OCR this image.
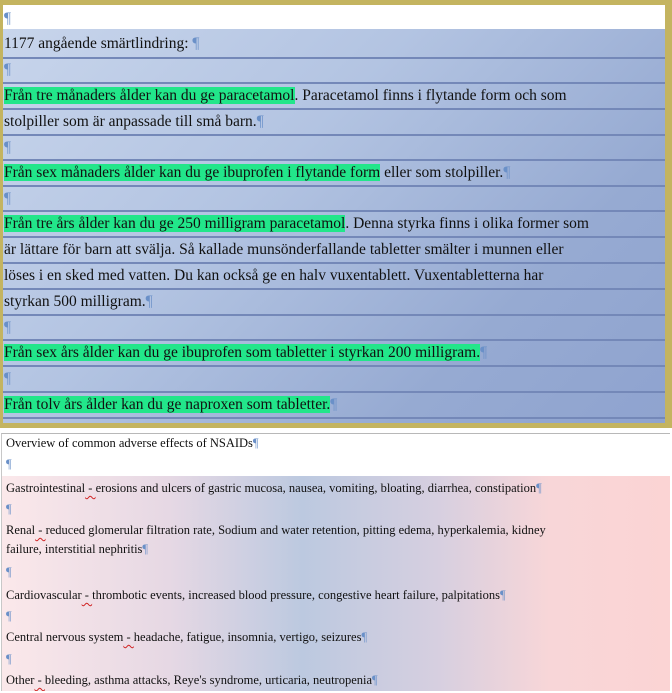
¶
1177 angående smärtlindring: ¶
¶
Från tre månaders ålder kan du ge paracetamol. Paracetamol finns i flytande form och som
stolpiller som är anpassade till små barn.¶
¶
Från sex månaders ålder kan du ge ibuprofen i flytande form eller som stolpiller.¶
¶
Från tre års ålder kan du ge 250 milligram paracetamol. Denna styrka finns i olika former som
är lättare för barn att svälja. Så kallade munsönderfallande tabletter smälter i munnen eller
löses i en sked med vatten. Du kan också ge en halv vuxentablett. Vuxentabletterna har
styrkan 500 milligram.¶
¶
Från sex års ålder kan du ge ibuprofen som tabletter i styrkan 200 milligram.¶
¶
Från tolv års ålder kan du ge naproxen som tabletter.¶
Overview of common adverse effects of NSAIDs¶
¶
Gastrointestinal - erosions and ulcers of gastric mucosa, nausea, vomiting, bloating, diarrhea, constipation¶
¶
Renal - reduced glomerular filtration rate, Sodium and water retention, pitting edema, hyperkalemia, kidney
failure, interstitial nephritis¶
¶
Cardiovascular - thrombotic events, increased blood pressure, congestive heart failure, palpitations¶
¶
Central nervous system - headache, fatigue, insomnia, vertigo, seizures¶
¶
Other - bleeding, asthma attacks, Reye's syndrome, urticaria, neutropenia¶
